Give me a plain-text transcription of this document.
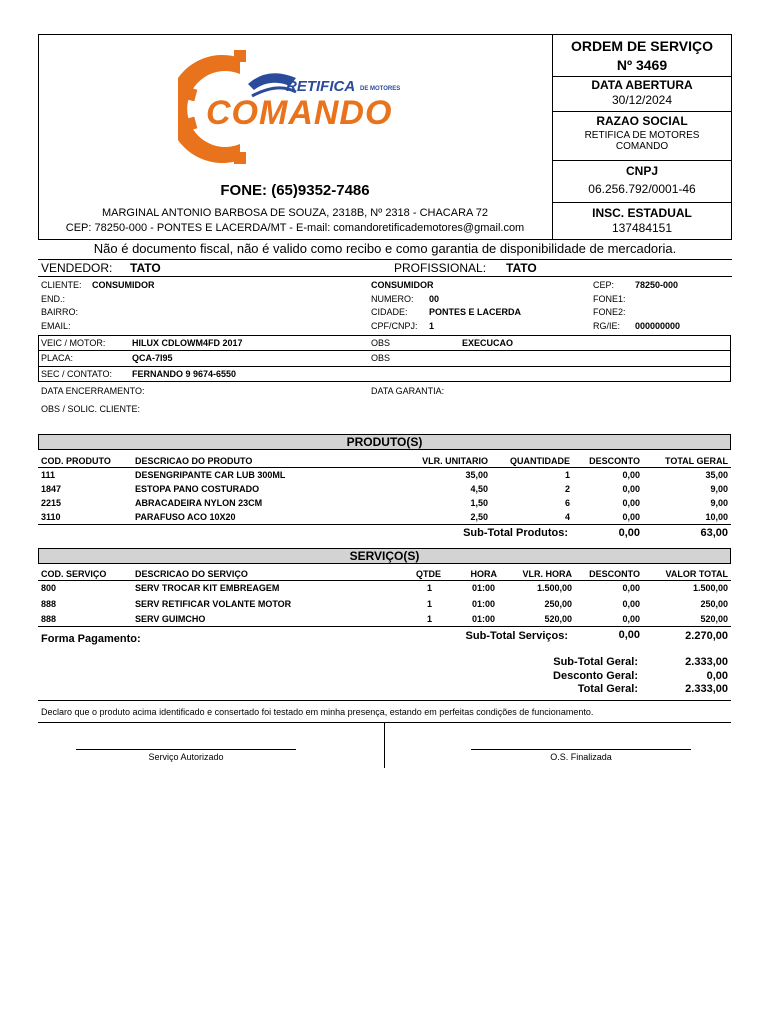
RETIFICA DE MOTORES
COMANDO
FONE: (65)9352-7486
MARGINAL ANTONIO BARBOSA DE SOUZA, 2318B, Nº 2318 - CHACARA 72
CEP: 78250-000 - PONTES E LACERDA/MT - E-mail: comandoretificademotores@gmail.com
ORDEM DE SERVIÇO
Nº 3469
DATA ABERTURA
30/12/2024
RAZAO SOCIAL
RETIFICA DE MOTORES
COMANDO
CNPJ
06.256.792/0001-46
INSC. ESTADUAL
137484151
Não é documento fiscal, não é valido como recibo e como garantia de disponibilidade de mercadoria.
VENDEDOR: TATO	PROFISSIONAL: TATO
CLIENTE: CONSUMIDOR	CONSUMIDOR	CEP: 78250-000
END.:	NUMERO: 00	FONE1:
BAIRRO:	CIDADE: PONTES E LACERDA	FONE2:
EMAIL:	CPF/CNPJ: 1	RG/IE: 000000000
VEIC / MOTOR:	HILUX CDLOWM4FD 2017	OBS	EXECUCAO
PLACA:	QCA-7I95	OBS
SEC / CONTATO: FERNANDO 9 9674-6550
DATA ENCERRAMENTO:	DATA GARANTIA:
OBS / SOLIC. CLIENTE:
PRODUTO(S)
COD. PRODUTO	DESCRICAO DO PRODUTO	VLR. UNITARIO	QUANTIDADE	DESCONTO	TOTAL GERAL
111	DESENGRIPANTE CAR LUB 300ML	35,00	1	0,00	35,00
1847	ESTOPA PANO COSTURADO	4,50	2	0,00	9,00
2215	ABRACADEIRA NYLON 23CM	1,50	6	0,00	9,00
3110	PARAFUSO ACO 10X20	2,50	4	0,00	10,00
Sub-Total Produtos:	0,00	63,00
SERVIÇO(S)
COD. SERVIÇO	DESCRICAO DO SERVIÇO	QTDE	HORA	VLR. HORA	DESCONTO	VALOR TOTAL
800	SERV TROCAR KIT EMBREAGEM	1	01:00	1.500,00	0,00	1.500,00
888	SERV RETIFICAR VOLANTE MOTOR	1	01:00	250,00	0,00	250,00
888	SERV GUIMCHO	1	01:00	520,00	0,00	520,00
Forma Pagamento:	Sub-Total Serviços:	0,00	2.270,00
Sub-Total Geral:	2.333,00
Desconto Geral:	0,00
Total Geral:	2.333,00
Declaro que o produto acima identificado e consertado foi testado em minha presença, estando em perfeitas condições de funcionamento.
Serviço Autorizado	O.S. Finalizada
